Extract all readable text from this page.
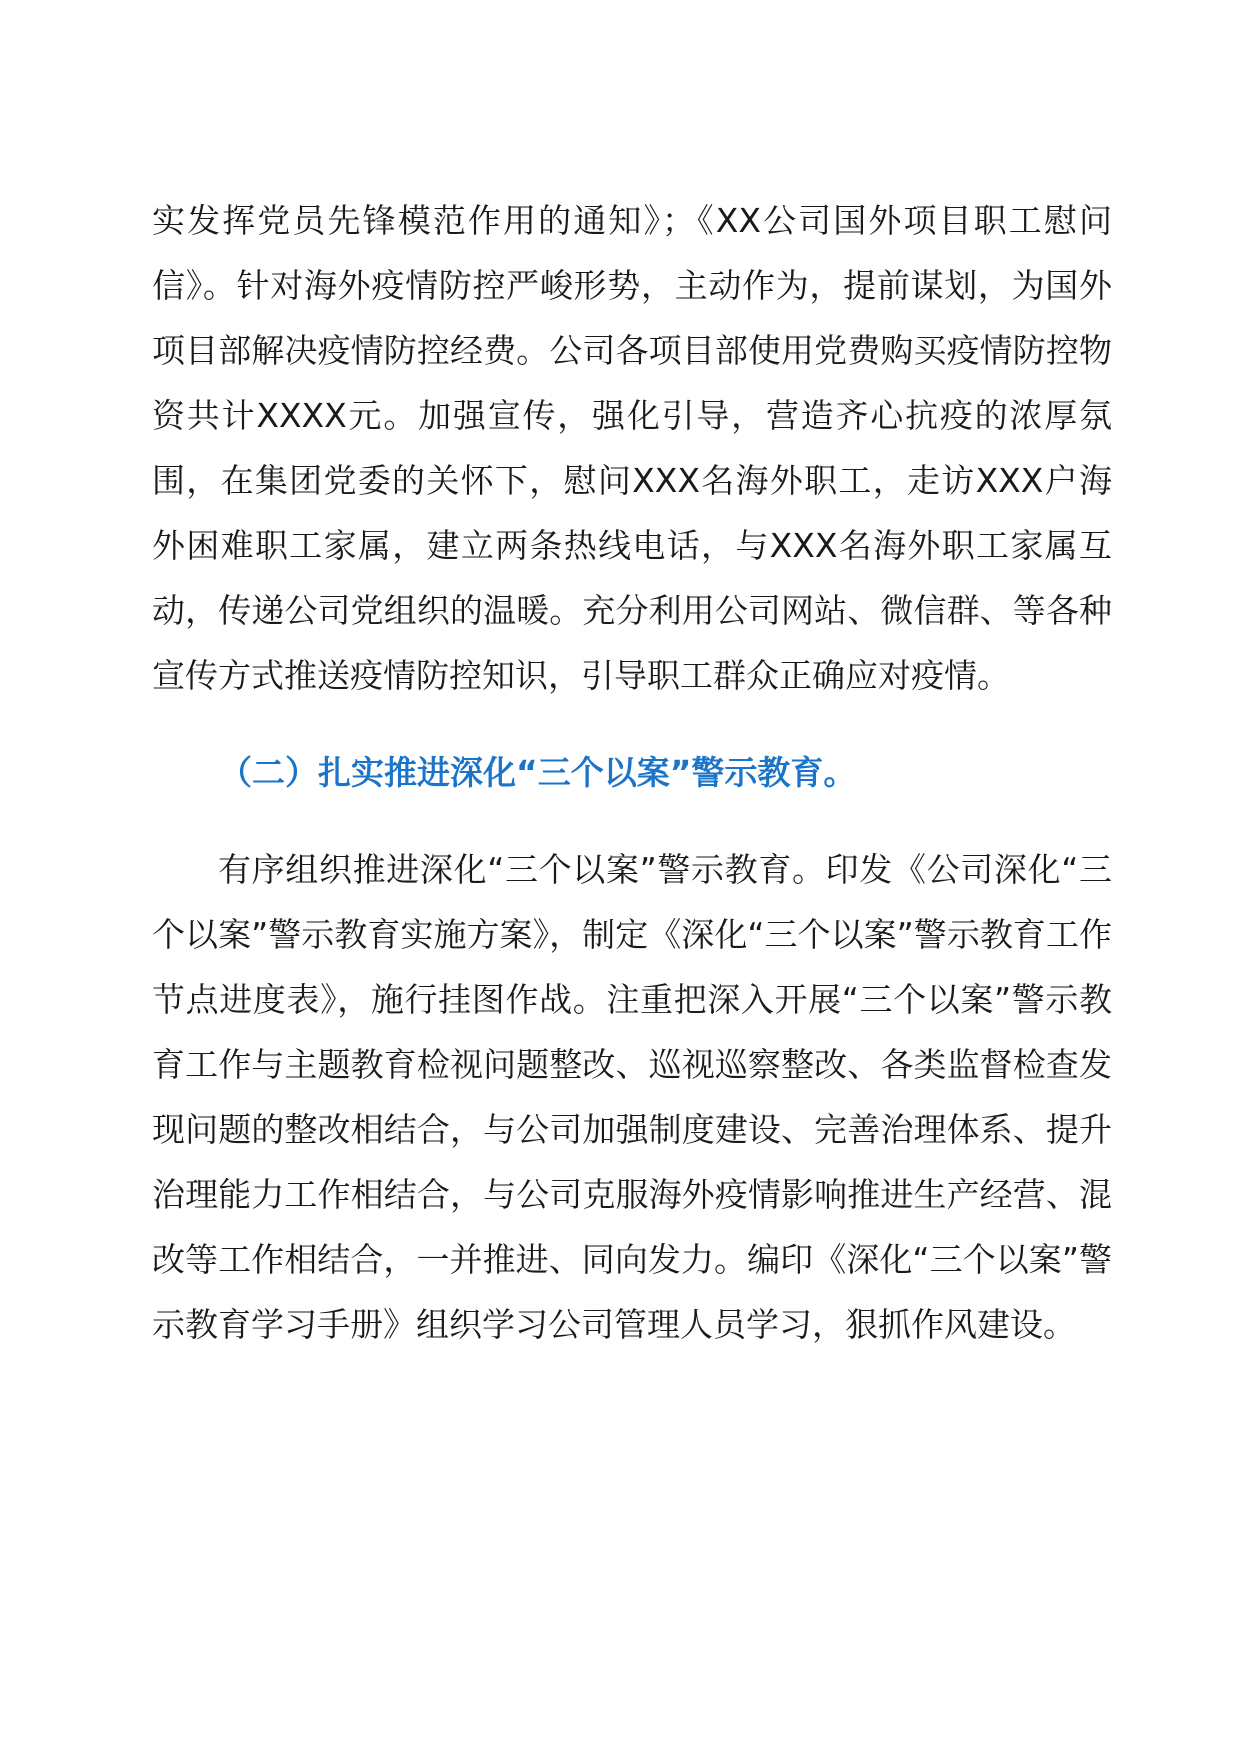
实发挥党员先锋模范作用的通知》；《XX公司国外项目职工慰问信》。针对海外疫情防控严峻形势，主动作为，提前谋划，为国外项目部解决疫情防控经费。公司各项目部使用党费购买疫情防控物资共计XXXX元。加强宣传，强化引导，营造齐心抗疫的浓厚氛围，在集团党委的关怀下，慰问XXX名海外职工，走访XXX户海外困难职工家属，建立两条热线电话，与XXX名海外职工家属互动，传递公司党组织的温暖。充分利用公司网站、微信群、等各种宣传方式推送疫情防控知识，引导职工群众正确应对疫情。

（二）扎实推进深化“三个以案”警示教育。

有序组织推进深化“三个以案”警示教育。印发《公司深化“三个以案”警示教育实施方案》，制定《深化“三个以案”警示教育工作节点进度表》，施行挂图作战。注重把深入开展“三个以案”警示教育工作与主题教育检视问题整改、巡视巡察整改、各类监督检查发现问题的整改相结合，与公司加强制度建设、完善治理体系、提升治理能力工作相结合，与公司克服海外疫情影响推进生产经营、混改等工作相结合，一并推进、同向发力。编印《深化“三个以案”警示教育学习手册》组织学习公司管理人员学习，狠抓作风建设。
